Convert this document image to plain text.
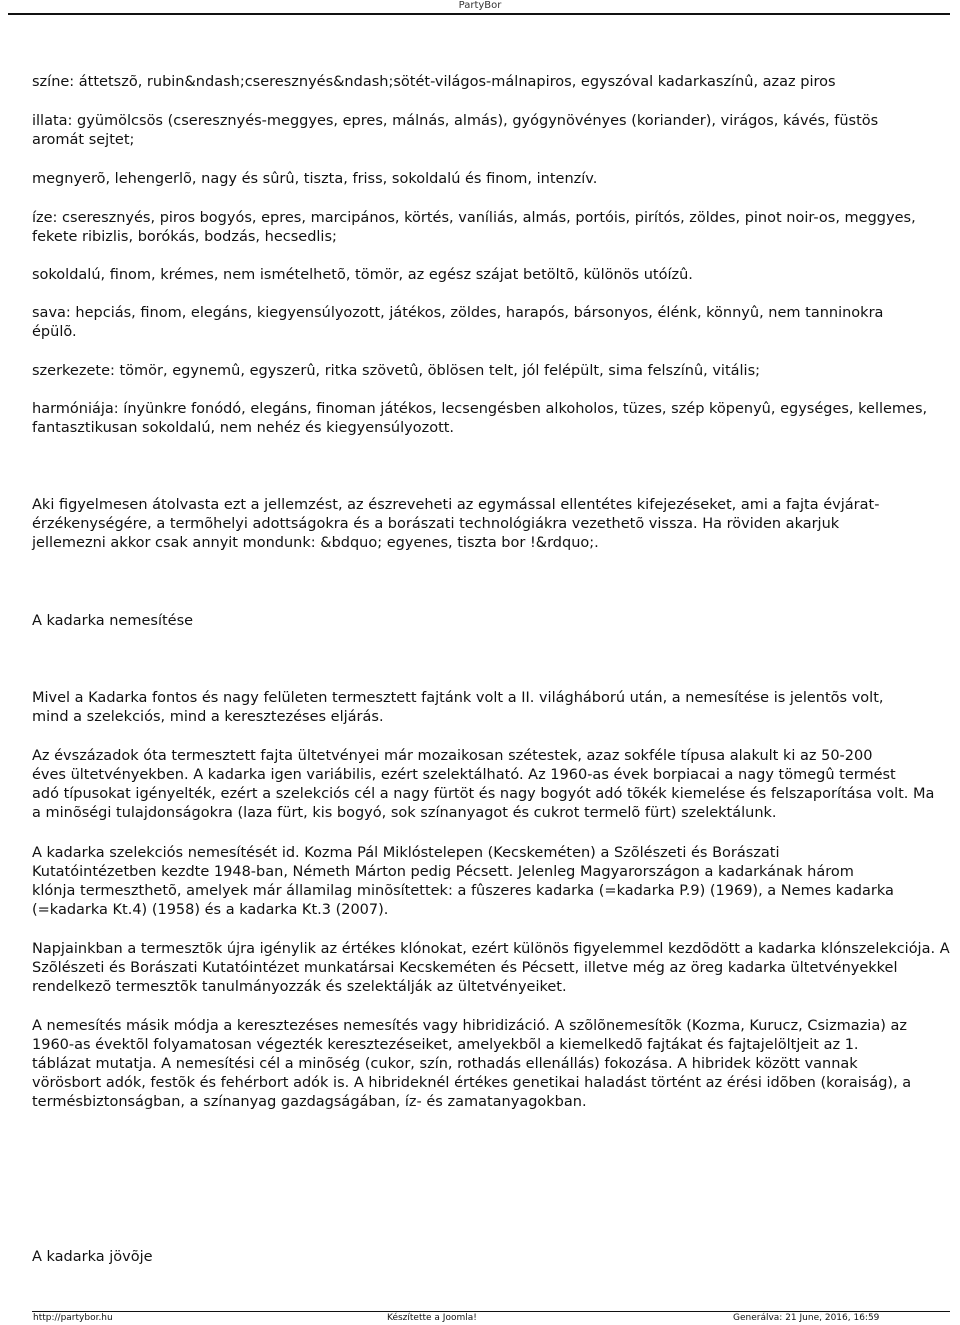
PartyBor
színe: áttetszõ, rubin&ndash;cseresznyés&ndash;sötét-világos-málnapiros, egyszóval kadarkaszínû, azaz piros
illata: gyümölcsös (cseresznyés-meggyes, epres, málnás, almás), gyógynövényes (koriander), virágos, kávés, füstös
aromát sejtet;
megnyerõ, lehengerlõ, nagy és sûrû, tiszta, friss, sokoldalú és finom, intenzív.
íze: cseresznyés, piros bogyós, epres, marcipános, körtés, vaníliás, almás, portóis, pirítós, zöldes, pinot noir-os, meggyes,
fekete ribizlis, borókás, bodzás, hecsedlis;
sokoldalú, finom, krémes, nem ismételhetõ, tömör, az egész szájat betöltõ, különös utóízû.
sava: hepciás, finom, elegáns, kiegyensúlyozott, játékos, zöldes, harapós, bársonyos, élénk, könnyû, nem tanninokra
épülõ.
szerkezete: tömör, egynemû, egyszerû, ritka szövetû, öblösen telt, jól felépült, sima felszínû, vitális;
harmóniája: ínyünkre fonódó, elegáns, finoman játékos, lecsengésben alkoholos, tüzes, szép köpenyû, egységes, kellemes,
fantasztikusan sokoldalú, nem nehéz és kiegyensúlyozott.
Aki figyelmesen átolvasta ezt a jellemzést, az észreveheti az egymással ellentétes kifejezéseket, ami a fajta évjárat-
érzékenységére, a termõhelyi adottságokra és a borászati technológiákra vezethetõ vissza. Ha röviden akarjuk
jellemezni akkor csak annyit mondunk: &bdquo; egyenes, tiszta bor !&rdquo;.
A kadarka nemesítése
Mivel a Kadarka fontos és nagy felületen termesztett fajtánk volt a II. világháború után, a nemesítése is jelentõs volt,
mind a szelekciós, mind a keresztezéses eljárás.
Az évszázadok óta termesztett fajta ültetvényei már mozaikosan szétestek, azaz sokféle típusa alakult ki az 50-200
éves ültetvényekben. A kadarka igen variábilis, ezért szelektálható. Az 1960-as évek borpiacai a nagy tömegû termést
adó típusokat igényelték, ezért a szelekciós cél a nagy fürtöt és nagy bogyót adó tõkék kiemelése és felszaporítása volt. Ma
a minõségi tulajdonságokra (laza fürt, kis bogyó, sok színanyagot és cukrot termelõ fürt) szelektálunk.
A kadarka szelekciós nemesítését id. Kozma Pál Miklóstelepen (Kecskeméten) a Szõlészeti és Borászati
Kutatóintézetben kezdte 1948-ban, Németh Márton pedig Pécsett. Jelenleg Magyarországon a kadarkának három
klónja termeszthetõ, amelyek már államilag minõsítettek: a fûszeres kadarka (=kadarka P.9) (1969), a Nemes kadarka
(=kadarka Kt.4) (1958) és a kadarka Kt.3 (2007).
Napjainkban a termesztõk újra igénylik az értékes klónokat, ezért különös figyelemmel kezdõdött a kadarka klónszelekciója. A
Szõlészeti és Borászati Kutatóintézet munkatársai Kecskeméten és Pécsett, illetve még az öreg kadarka ültetvényekkel
rendelkezõ termesztõk tanulmányozzák és szelektálják az ültetvényeiket.
A nemesítés másik módja a keresztezéses nemesítés vagy hibridizáció. A szõlõnemesítõk (Kozma, Kurucz, Csizmazia) az
1960-as évektõl folyamatosan végezték keresztezéseiket, amelyekbõl a kiemelkedõ fajtákat és fajtajelöltjeit az 1.
táblázat mutatja. A nemesítési cél a minõség (cukor, szín, rothadás ellenállás) fokozása. A hibridek között vannak
vörösbort adók, festõk és fehérbort adók is. A hibrideknél értékes genetikai haladást történt az érési idõben (koraiság), a
termésbiztonságban, a színanyag gazdagságában, íz- és zamatanyagokban.
A kadarka jövõje
http://partybor.hu	Készítette a Joomla!	Generálva: 21 June, 2016, 16:59
